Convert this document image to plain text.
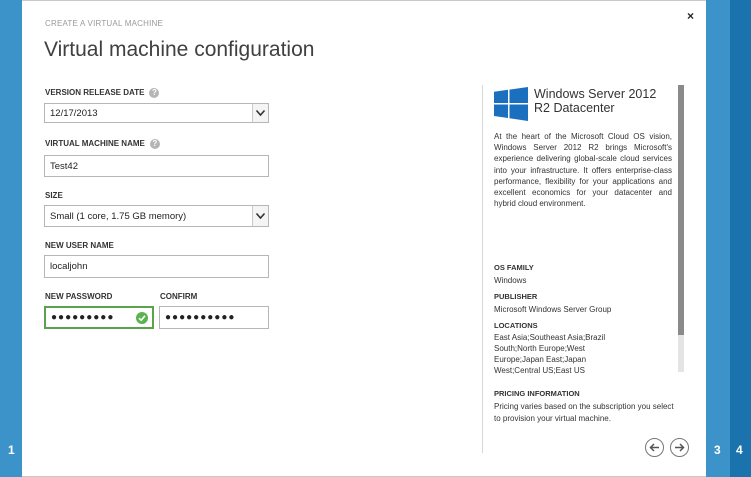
1	3 4
CREATE A VIRTUAL MACHINE
Virtual machine configuration
×
VERSION RELEASE DATE ?
12/17/2013
VIRTUAL MACHINE NAME ?
Test42
SIZE
Small (1 core, 1.75 GB memory)
NEW USER NAME
localjohn
NEW PASSWORD	CONFIRM
●●●●●●●●●	●●●●●●●●●●
Windows Server 2012 R2 Datacenter
At the heart of the Microsoft Cloud OS vision, Windows Server 2012 R2 brings Microsoft's experience delivering global-scale cloud services into your infrastructure. It offers enterprise-class performance, flexibility for your applications and excellent economics for your datacenter and hybrid cloud environment.
OS FAMILY
Windows
PUBLISHER
Microsoft Windows Server Group
LOCATIONS
East Asia;Southeast Asia;Brazil South;North Europe;West Europe;Japan East;Japan West;Central US;East US
PRICING INFORMATION
Pricing varies based on the subscription you select to provision your virtual machine.
